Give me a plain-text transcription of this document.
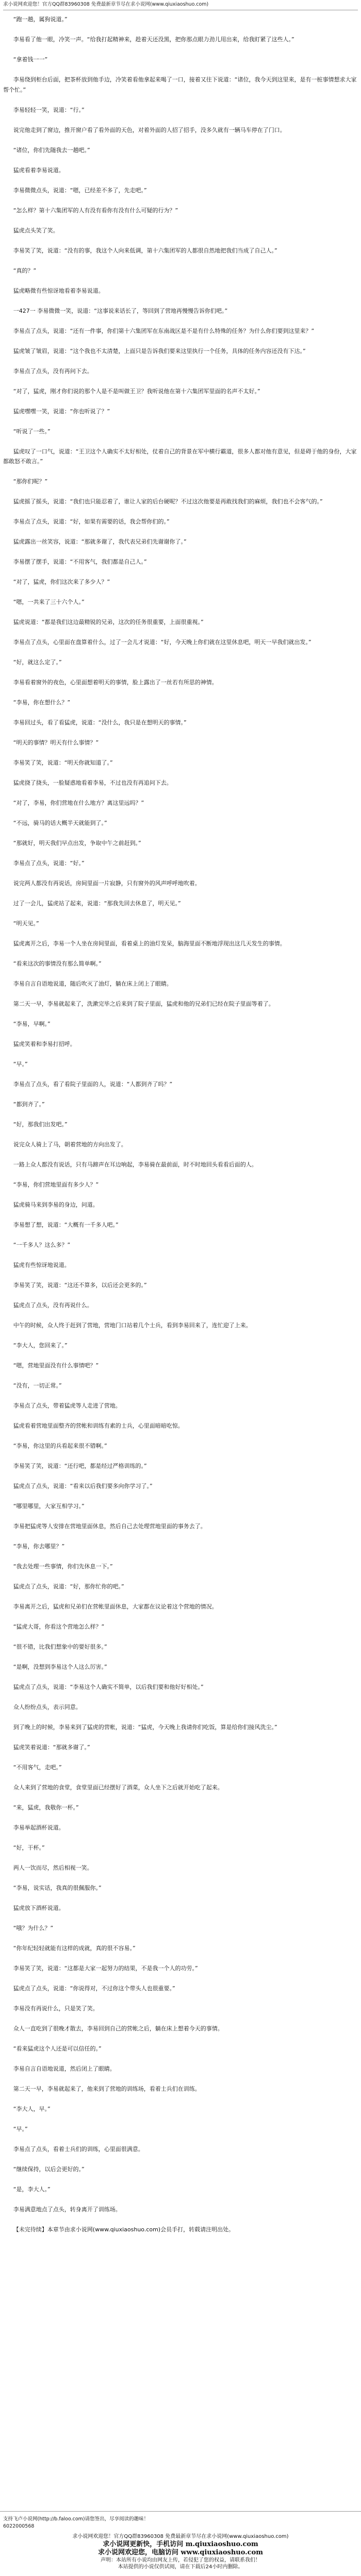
求小说网欢迎您！官方QQ群83960308 免费最新章节尽在求小说网(www.qiuxiaoshuo.com)

“跑一趟，属狗说道。”

李易看了他一眼，冷笑一声。“给我打起精神来，趁着天还没黑，把你那点眼力劲儿用出来，给我盯紧了这些人。”

“拿着钱一一”

李易绕到柜台后面，把茶杯放到他手边，冷笑着看他拿起来喝了一口，接着又往下说道：“诸位，我今天到这里来，是有一桩事情想求大家帮个忙。”

李易轻轻一笑，说道：“行。”

说完他走到了窗边，推开窗户看了看外面的天色，对着外面的人招了招手，没多久就有一辆马车停在了门口。

“诸位，你们先随我去一趟吧。”

猛虎看着李易说道。

李易微微点头，说道：“嗯，已经差不多了，先走吧。”

“怎么样？第十六集团军的人有没有看你有没有什么可疑的行为？”

猛虎点头笑了笑。

李易笑了笑，说道：“没有的事，我这个人向来低调，第十六集团军的人都很自然地把我们当成了自己人。”

“真的？”

猛虎略微有些惊讶地看着李易说道。

一427一 李易微微一笑，说道：“这事说来话长了，等回到了营地再慢慢告诉你们吧。”

李易点了点头，说道：“还有一件事，你们第十六集团军在东南战区是不是有什么特殊的任务？为什么你们要到这里来？”

猛虎皱了皱眉，说道：“这个我也不太清楚，上面只是告诉我们要来这里执行一个任务，具体的任务内容还没有下达。”

李易点了点头，没有再问下去。

“对了，猛虎，刚才你们说的那个人是不是叫做王卫？我听说他在第十六集团军里面的名声不太好。”

猛虎嘿嘿一笑，说道：“你也听说了？”

“听说了一些。”

猛虎叹了一口气，说道：“王卫这个人确实不太好相处，仗着自己的背景在军中横行霸道，很多人都对他有意见，但是碍于他的身份，大家都敢怒不敢言。”

“那你们呢？”

猛虎摇了摇头，说道：“我们也只能忍着了，谁让人家的后台硬呢？不过这次他要是再敢找我们的麻烦，我们也不会客气的。”

李易点了点头，说道：“好，如果有需要的话，我会帮你们的。”

猛虎露出一丝笑容，说道：“那就多谢了，我代表兄弟们先谢谢你了。”

李易摆了摆手，说道：“不用客气，我们都是自己人。”

“对了，猛虎，你们这次来了多少人？”

“嗯，一共来了三十六个人。”

猛虎说道：“都是我们这边最精锐的兄弟，这次的任务很重要，上面很重视。”

李易点了点头，心里面在盘算着什么，过了一会儿才说道：“好，今天晚上你们就在这里休息吧，明天一早我们就出发。”

“好，就这么定了。”

李易看着窗外的夜色，心里面想着明天的事情，脸上露出了一丝若有所思的神情。

“李易，你在想什么？”

李易回过头，看了看猛虎，说道：“没什么，我只是在想明天的事情。”

“明天的事情？明天有什么事情？”

李易笑了笑，说道：“明天你就知道了。”

猛虎挠了挠头，一脸疑惑地看着李易，不过也没有再追问下去。

“对了，李易，你们营地在什么地方？离这里远吗？”

“不远，骑马的话大概半天就能到了。”

“那就好，明天我们早点出发，争取中午之前赶到。”

李易点了点头，说道：“好。”

说完两人都没有再说话，房间里面一片寂静，只有窗外的风声呼呼地吹着。

过了一会儿，猛虎站了起来，说道：“那我先回去休息了，明天见。”

“明天见。”

猛虎离开之后，李易一个人坐在房间里面，看着桌上的油灯发呆，脑海里面不断地浮现出这几天发生的事情。

“看来这次的事情没有那么简单啊。”

李易自言自语地说道，随后吹灭了油灯，躺在床上闭上了眼睛。

第二天一早，李易就起来了，洗漱完毕之后来到了院子里面，猛虎和他的兄弟们已经在院子里面等着了。

“李易，早啊。”

猛虎笑着和李易打招呼。

“早。”

李易点了点头，看了看院子里面的人，说道：“人都到齐了吗？”

“都到齐了。”

“好，那我们出发吧。”

说完众人骑上了马，朝着营地的方向出发了。

一路上众人都没有说话，只有马蹄声在耳边响起，李易骑在最前面，时不时地回头看看后面的人。

“李易，你们营地里面有多少人？”

猛虎骑马来到李易的身边，问道。

李易想了想，说道：“大概有一千多人吧。”

“一千多人？这么多？”

猛虎有些惊讶地说道。

李易笑了笑，说道：“这还不算多，以后还会更多的。”

猛虎点了点头，没有再说什么。

中午的时候，众人终于赶到了营地，营地门口站着几个士兵，看到李易回来了，连忙迎了上来。

“李大人，您回来了。”

“嗯，营地里面没有什么事情吧？”

“没有，一切正常。”

李易点了点头，带着猛虎等人走进了营地。

猛虎看着营地里面整齐的营帐和训练有素的士兵，心里面暗暗吃惊。

“李易，你这里的兵看起来很不错啊。”

李易笑了笑，说道：“还行吧，都是经过严格训练的。”

猛虎点了点头，说道：“看来以后我们要多向你学习了。”

“哪里哪里，大家互相学习。”

李易把猛虎等人安排在营地里面休息，然后自己去处理营地里面的事务去了。

“李易，你去哪里？”

“我去处理一些事情，你们先休息一下。”

猛虎点了点头，说道：“好，那你忙你的吧。”

李易离开之后，猛虎和兄弟们在营帐里面休息，大家都在议论着这个营地的情况。

“猛虎大哥，你看这个营地怎么样？”

“很不错，比我们想象中的要好很多。”

“是啊，没想到李易这个人这么厉害。”

猛虎点了点头，说道：“李易这个人确实不简单，以后我们要和他好好相处。”

众人纷纷点头，表示同意。

到了晚上的时候，李易来到了猛虎的营帐，说道：“猛虎，今天晚上我请你们吃饭，算是给你们接风洗尘。”

猛虎笑着说道：“那就多谢了。”

“不用客气，走吧。”

众人来到了营地的食堂，食堂里面已经摆好了酒菜，众人坐下之后就开始吃了起来。

“来，猛虎，我敬你一杯。”

李易举起酒杯说道。

“好，干杯。”

两人一饮而尽，然后相视一笑。

“李易，说实话，我真的很佩服你。”

猛虎放下酒杯说道。

“哦？为什么？”

“你年纪轻轻就能有这样的成就，真的很不容易。”

李易笑了笑，说道：“这都是大家一起努力的结果，不是我一个人的功劳。”

猛虎点了点头，说道：“你说得对，不过你这个带头人也很重要。”

李易没有再说什么，只是笑了笑。

众人一直吃到了很晚才散去，李易回到自己的营帐之后，躺在床上想着今天的事情。

“看来猛虎这个人还是可以信任的。”

李易自言自语地说道，然后闭上了眼睛。

第二天一早，李易就起来了，他来到了营地的训练场，看着士兵们在训练。

“李大人，早。”

“早。”

李易点了点头，看着士兵们的训练，心里面很满意。

“继续保持，以后会更好的。”

“是，李大人。”

李易满意地点了点头，转身离开了训练场。

【未完待续】本章节由求小说网(www.qiuxiaoshuo.com)会员手打，转载请注明出处。

支持飞卢小说网(http://b.faloo.com)请您签出，尽享阅读的趣味！
6022000568
求小说网欢迎您！官方QQ群83960308 免费最新章节尽在求小说网(www.qiuxiaoshuo.com)
求小说网更新快，手机访问 m.qiuxiaoshuo.com
求小说网欢迎您，电脑访问 www.qiuxiaoshuo.com
声明：本站所有小说均由网友上传，若侵犯了您的权益，请联系我们！
本站提供的小说仅供试阅，请在下载后24小时内删除。
